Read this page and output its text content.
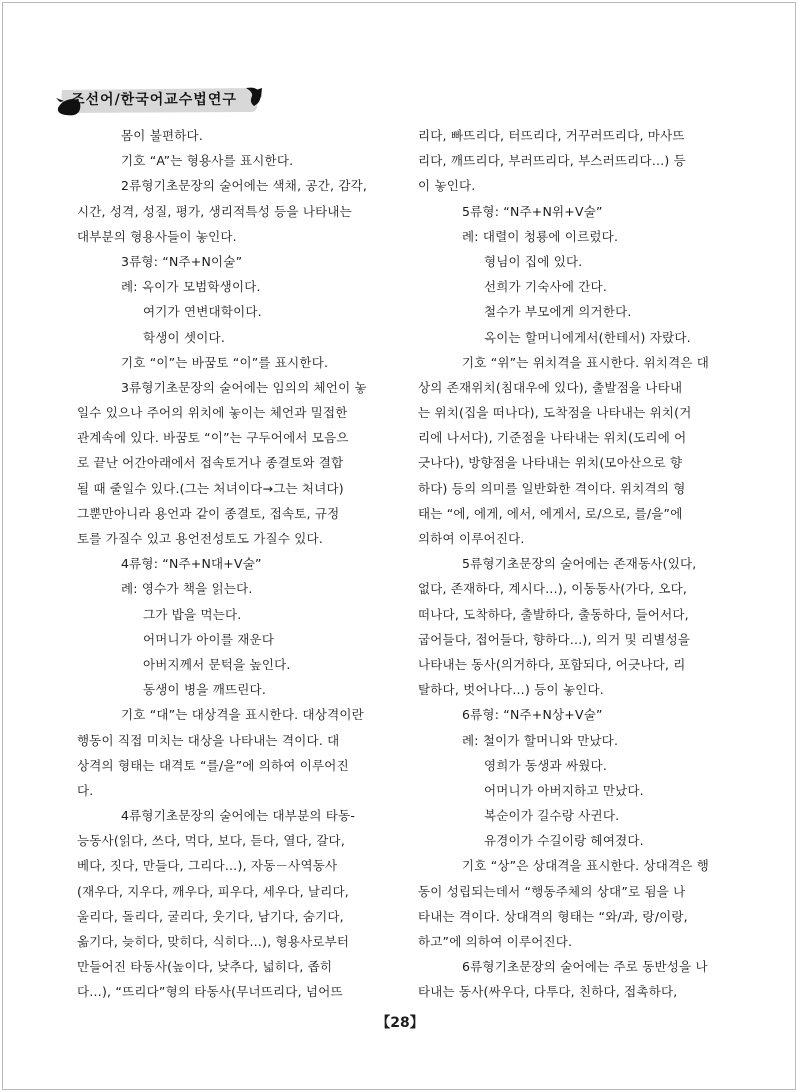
조선어/한국어교수법연구
몸이 불편하다.
기호 “A”는 형용사를 표시한다.
2류형기초문장의 술어에는 색채, 공간, 감각,
시간, 성격, 성질, 평가, 생리적특성 등을 나타내는
대부분의 형용사들이 놓인다.
3류형: “N주+N이술”
례: 옥이가 모범학생이다.
여기가 연변대학이다.
학생이 셋이다.
기호 “이”는 바꿈토 “이”를 표시한다.
3류형기초문장의 술어에는 임의의 체언이 놓
일수 있으나 주어의 위치에 놓이는 체언과 밀접한
관계속에 있다. 바꿈토 “이”는 구두어에서 모음으
로 끝난 어간아래에서 접속토거나 종결토와 결합
될 때 줄일수 있다.(그는 처녀이다→그는 처녀다)
그뿐만아니라 용언과 같이 종결토, 접속토, 규정
토를 가질수 있고 용언전성토도 가질수 있다.
4류형: “N주+N대+V술”
례: 영수가 책을 읽는다.
그가 밥을 먹는다.
어머니가 아이를 재운다
아버지께서 문턱을 높인다.
동생이 병을 깨뜨린다.
기호 “대”는 대상격을 표시한다. 대상격이란
행동이 직접 미치는 대상을 나타내는 격이다. 대
상격의 형태는 대격토 “를/을”에 의하여 이루어진
다.
4류형기초문장의 술어에는 대부분의 타동-
능동사(읽다, 쓰다, 먹다, 보다, 듣다, 열다, 갈다,
베다, 짓다, 만들다, 그리다…), 자동－사역동사
(재우다, 지우다, 깨우다, 피우다, 세우다, 날리다,
울리다, 돌리다, 굴리다, 웃기다, 남기다, 숨기다,
옮기다, 늦히다, 맞히다, 식히다…), 형용사로부터
만들어진 타동사(높이다, 낮추다, 넓히다, 좁히
다…), “뜨리다”형의 타동사(무너뜨리다, 넘어뜨
리다, 빠뜨리다, 터뜨리다, 거꾸러뜨리다, 마사뜨
리다, 깨뜨리다, 부러뜨리다, 부스러뜨리다…) 등
이 놓인다.
5류형: “N주+N위+V술”
례: 대렬이 청룡에 이르렀다.
형님이 집에 있다.
선희가 기숙사에 간다.
철수가 부모에게 의거한다.
옥이는 할머니에게서(한테서) 자랐다.
기호 “위”는 위치격을 표시한다. 위치격은 대
상의 존재위치(침대우에 있다), 출발점을 나타내
는 위치(집을 떠나다), 도착점을 나타내는 위치(거
리에 나서다), 기준점을 나타내는 위치(도리에 어
긋나다), 방향점을 나타내는 위치(모아산으로 향
하다) 등의 의미를 일반화한 격이다. 위치격의 형
태는 “에, 에게, 에서, 에게서, 로/으로, 를/을”에
의하여 이루어진다.
5류형기초문장의 술어에는 존재동사(있다,
없다, 존재하다, 계시다…), 이동동사(가다, 오다,
떠나다, 도착하다, 출발하다, 출동하다, 들어서다,
굽어들다, 접어들다, 향하다…), 의거 및 리별성을
나타내는 동사(의거하다, 포함되다, 어긋나다, 리
탈하다, 벗어나다…) 등이 놓인다.
6류형: “N주+N상+V술”
례: 철이가 할머니와 만났다.
영희가 동생과 싸웠다.
어머니가 아버지하고 만났다.
복순이가 길수랑 사귄다.
유경이가 수길이랑 헤여졌다.
기호 “상”은 상대격을 표시한다. 상대격은 행
동이 성립되는데서 “행동주체의 상대”로 됨을 나
타내는 격이다. 상대격의 형태는 “와/과, 랑/이랑,
하고”에 의하여 이루어진다.
6류형기초문장의 술어에는 주로 동반성을 나
타내는 동사(싸우다, 다투다, 친하다, 접촉하다,
【28】
